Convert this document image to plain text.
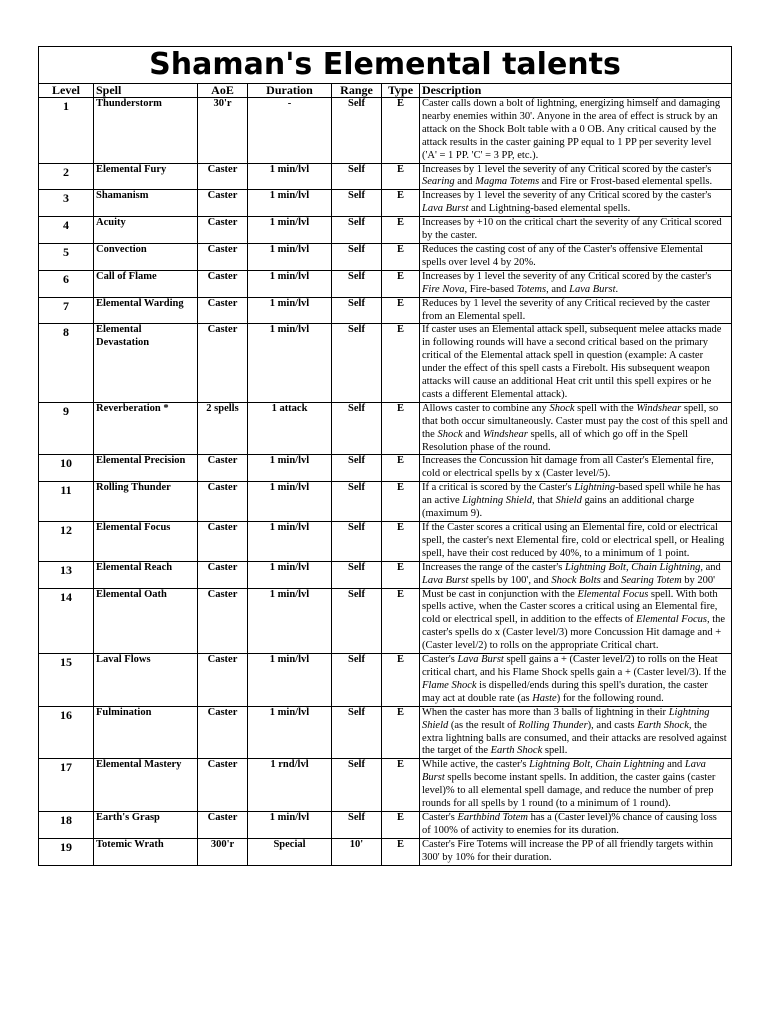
Shaman's Elemental talents						
Level	Spell	AoE	Duration	Range	Type	Description
1	Thunderstorm	30'r	-	Self	E	Caster calls down a bolt of lightning, energizing himself and damaging nearby enemies within 30'. Anyone in the area of effect is struck by an attack on the Shock Bolt table with a 0 OB. Any critical caused by the attack results in the caster gaining PP equal to 1 PP per severity level ('A' = 1 PP. 'C' = 3 PP, etc.).
2	Elemental Fury	Caster	1 min/lvl	Self	E	Increases by 1 level the severity of any Critical scored by the caster's Searing and Magma Totems and Fire or Frost-based elemental spells.
3	Shamanism	Caster	1 min/lvl	Self	E	Increases by 1 level the severity of any Critical scored by the caster's Lava Burst and Lightning-based elemental spells.
4	Acuity	Caster	1 min/lvl	Self	E	Increases by +10 on the critical chart the severity of any Critical scored by the caster.
5	Convection	Caster	1 min/lvl	Self	E	Reduces the casting cost of any of the Caster's offensive Elemental spells over level 4 by 20%.
6	Call of Flame	Caster	1 min/lvl	Self	E	Increases by 1 level the severity of any Critical scored by the caster's Fire Nova, Fire-based Totems, and Lava Burst.
7	Elemental Warding	Caster	1 min/lvl	Self	E	Reduces by 1 level the severity of any Critical recieved by the caster from an Elemental spell.
8	Elemental Devastation	Caster	1 min/lvl	Self	E	If caster uses an Elemental attack spell, subsequent melee attacks made in following rounds will have a second critical based on the primary critical of the Elemental attack spell in question (example: A caster under the effect of this spell casts a Firebolt. His subsequent weapon attacks will cause an additional Heat crit until this spell expires or he casts a different Elemental attack).
9	Reverberation *	2 spells	1 attack	Self	E	Allows caster to combine any Shock spell with the Windshear spell, so that both occur simultaneously. Caster must pay the cost of this spell and the Shock and Windshear spells, all of which go off in the Spell Resolution phase of the round.
10	Elemental Precision	Caster	1 min/lvl	Self	E	Increases the Concussion hit damage from all Caster's Elemental fire, cold or electrical spells by x (Caster level/5).
11	Rolling Thunder	Caster	1 min/lvl	Self	E	If a critical is scored by the Caster's Lightning-based spell while he has an active Lightning Shield, that Shield gains an additional charge (maximum 9).
12	Elemental Focus	Caster	1 min/lvl	Self	E	If the Caster scores a critical using an Elemental fire, cold or electrical spell, the caster's next Elemental fire, cold or electrical spell, or Healing spell, have their cost reduced by 40%, to a minimum of 1 point.
13	Elemental Reach	Caster	1 min/lvl	Self	E	Increases the range of the caster's Lightning Bolt, Chain Lightning, and Lava Burst spells by 100', and Shock Bolts and Searing Totem by 200'
14	Elemental Oath	Caster	1 min/lvl	Self	E	Must be cast in conjunction with the Elemental Focus spell. With both spells active, when the Caster scores a critical using an Elemental fire, cold or electrical spell, in addition to the effects of Elemental Focus, the caster's spells do x (Caster level/3) more Concussion Hit damage and + (Caster level/2) to rolls on the appropriate Critical chart.
15	Laval Flows	Caster	1 min/lvl	Self	E	Caster's Lava Burst spell gains a + (Caster level/2) to rolls on the Heat critical chart, and his Flame Shock spells gain a + (Caster level/3). If the Flame Shock is dispelled/ends during this spell's duration, the caster may act at double rate (as Haste) for the following round.
16	Fulmination	Caster	1 min/lvl	Self	E	When the caster has more than 3 balls of lightning in their Lightning Shield (as the result of Rolling Thunder), and casts Earth Shock, the extra lightning balls are consumed, and their attacks are resolved against the target of the Earth Shock spell.
17	Elemental Mastery	Caster	1 rnd/lvl	Self	E	While active, the caster's Lightning Bolt, Chain Lightning and Lava Burst spells become instant spells. In addition, the caster gains (caster level)% to all elemental spell damage, and reduce the number of prep rounds for all spells by 1 round (to a minimum of 1 round).
18	Earth's Grasp	Caster	1 min/lvl	Self	E	Caster's Earthbind Totem has a (Caster level)% chance of causing loss of 100% of activity to enemies for its duration.
19	Totemic Wrath	300'r	Special	10'	E	Caster's Fire Totems will increase the PP of all friendly targets within 300' by 10% for their duration.
